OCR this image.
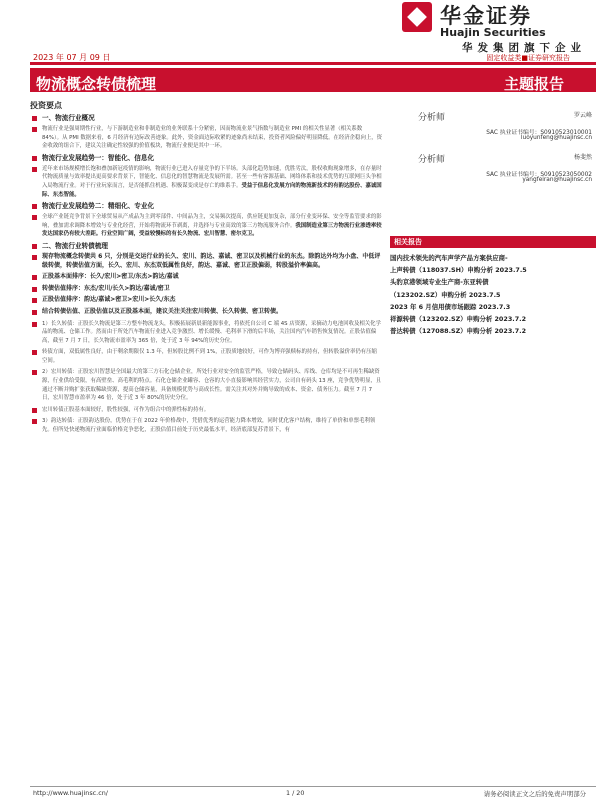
华金证券
Huajin Securities
华发集团旗下企业
2023 年 07 月 09 日	固定收益类■证券研究报告
物流概念转债梳理	主题报告
分析师	罗云峰
SAC 执业证书编号：S0910523010001
luoyunfeng@huajinsc.cn
分析师	杨斐然
SAC 执业证书编号：S0910523050002
yangfeiran@huajinsc.cn
相关报告
国内技术领先的汽车声学产品方案供应商-
上声转债（118037.SH）申购分析 2023.7.5
头豹京港领域专业生产商-东亚转债
（123202.SZ）申购分析 2023.7.5
2023 年 6 月信用债市场跟踪 2023.7.3
祥源转债（123202.SZ）申购分析 2023.7.2
普达转债（127088.SZ）申购分析 2023.7.2
投资要点
一、物流行业概况
物流行业是强周期性行业，与下游制造业和非制造业的业务联系十分紧密，因而物流业景气指数与制造业 PMI 的相关性显著（相关系数 84%）。从 PMI 数据来看，6 月经济有边际改善迹象。此外，资金面边际收紧的迹象尚未结束，投资者风险偏好明显降低。在经济企稳向上，资金收敛的组合下，建议关注确定性较强的价值板块，物流行业便是其中一环。
物流行业发展趋势一：智能化、信息化
近年来市场规模增长饱和叠加新冠疫情的影响，物流行业已进入存量竞争的下半场。头部化趋势加速，优胜劣汰，股权收购现象增多，在存量时代物流质量与效率提出更高要求背景下，智能化、信息化的智慧物流是发展所需。甚至一些有客源基础、网络体系和技术优势的互联网巨头争相入局物流行业。对于行业玩家而言，是否能抓住机遇、积极谋变成是存亡的维系手。受益于信息化发展方向的物流新技术的有韵达股份、嘉诚国际、东杰智能。
物流行业发展趋势二：精细化、专业化
全球产业链竞争背景下全球贸易从产成品为主到零部件、中间品为主，交易频次提高，供应链更加复杂，部分行业变环保、安全等监管要求的影响，叠加需求调降本增效与专业化经营，开始将物流环节剥离，并选择与专业高效的第三方物流服务合作。我国制造业第三方物流行业渗透率较发达国家仍有较大差距。行业空间广阔，受益较慢标的有长久物流、宏川智慧、密尔克卫。
二、物流行业转债梳理
现存物流概念转债共 6 只，分别是交运行业的长久、宏川、韵达、嘉诚、密卫以及机械行业的东杰。除韵达外均为小盘、中低评级转债，转债估值方面，长久、宏川、东杰双低属性良好，韵达、嘉诚、密卫正股偏弱，转股溢价率偏高。
正股基本面排序：长久/宏川>密卫/东杰>韵达/嘉诚
转债估值排序：东杰/宏川/长久>韵达/嘉诚/密卫
正股估值排序：韵达/嘉诚>密卫>宏川>长久/东杰
结合转债估值、正股估值以及正股基本面，建议关注关注宏川转债、长久转债、密卫转债。
1）长久转债：正股长久物流是第三方整车物流龙头，积极拓展新晨新能源事业，将依托自公司 C 端 4S 店资源，采摘动力电池回收及相关化学品的物流、仓储工作。然而由于所处汽车物流行业进入竞争激烈、增长缓慢、毛利率下滑的后半场，关注国内汽车销售恢复情况。正股估值偏高，截至 7 月 7 日，长久物流市盈率为 365 倍，处于近 3 年 94%的历史分位。
转债方面，双低属性良好，由于剩余期限仅 1.3 年，但转股比例不到 1%，正股质地较好，可作为博弈强赎标的持有，但转股溢价率仍有压缩空间。
2）宏川转债：正股宏川智慧是全国最大的第三方石化仓储企业，所处行业对安全的监管严格，导致仓储码头、库线、仓库均是不可再生稀缺资源，行业供给受限，有高壁垒、高毛利的特点。石化仓储企业罐容、仓容的大小直接影响其经营实力，公司自有码头 13 座，竞争优势明显，且通过不断并购扩张获取稀缺资源，提高仓储容量，具备规模优势与高成长性。需关注其对外并购导致的成本、资金、债务压力。截至 7 月 7 日，宏川智慧市盈率为 46 倍，处于近 3 年 80%的历史分位。
宏川转债正股基本面较好，股性较强，可作为组合中的弹性标的持有。
3）韵达转债：正股韵达股份，优势在于在 2022 年价格战中，凭借优秀的运营能力降本增效，同时优化客户结构，维持了单价和单票毛利领先。但所处快递物流行业面临价格竞争恶化，正股估值目前处于历史最低水平，经济底部复苏背景下，有
http://www.huajinsc.cn/	1 / 20	请务必阅读正文之后的免责声明部分
